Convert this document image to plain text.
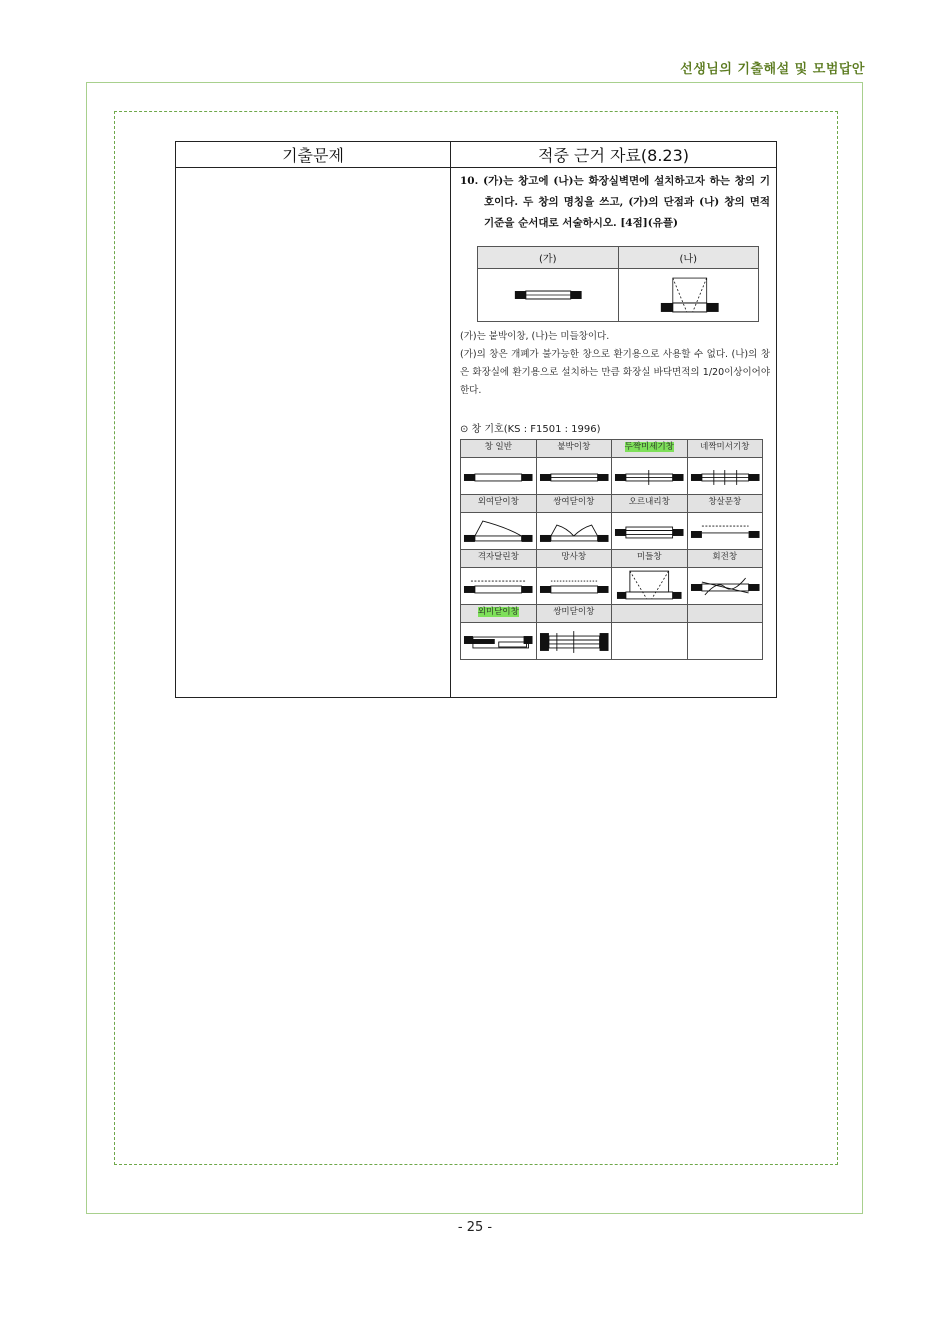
선생님의 기출해설 및 모범답안
기출문제	적중 근거 자료(8.23)

10. (가)는 창고에 (나)는 화장실벽면에 설치하고자 하는 창의 기호이다. 두 창의 명칭을 쓰고, (가)의 단점과 (나) 창의 면적 기준을 순서대로 서술하시오. [4점](유플)
(가)	(나)

(가)는 붙박이창, (나)는 미들창이다.
(가)의 창은 개폐가 불가능한 창으로 환기용으로 사용할 수 없다. (나)의 창은 화장실에 환기용으로 설치하는 만큼 화장실 바닥면적의 1/20이상이어야 한다.
⊙ 창 기호(KS : F1501 : 1996)
창 일반	붙박이창	두짝미세기창	네짝미서기창

외여닫이창	쌍여닫이창	오르내리창	창살문창

격자달린창	망사창	미들창	회전창

외미닫이창	쌍미닫이창		

- 25 -
